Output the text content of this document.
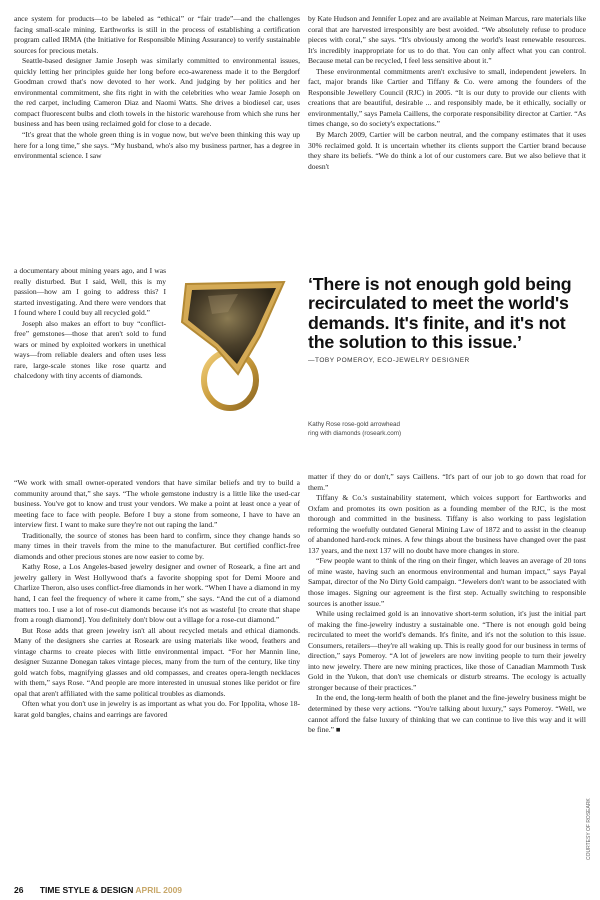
ance system for products—to be labeled as “ethical” or “fair trade”—and the challenges facing small-scale mining. Earthworks is still in the process of establishing a certification program called IRMA (the Initiative for Responsible Mining Assurance) to verify sustainable sources for precious metals.

Seattle-based designer Jamie Joseph was similarly committed to environmental issues, quickly letting her principles guide her long before eco-awareness made it to the Bergdorf Goodman crowd that's now devoted to her work. And judging by her politics and her environmental commitment, she fits right in with the celebrities who wear Jamie Joseph on the red carpet, including Cameron Diaz and Naomi Watts. She drives a biodiesel car, uses compact fluorescent bulbs and cloth towels in the historic warehouse from which she runs her business and has been using reclaimed gold for close to a decade.

“It's great that the whole green thing is in vogue now, but we've been thinking this way up here for a long time,” she says. “My husband, who's also my business partner, has a degree in environmental science. I saw

a documentary about mining years ago, and I was really disturbed. But I said, Well, this is my passion—how am I going to address this? I started investigating. And there were vendors that I found where I could buy all recycled gold.”

Joseph also makes an effort to buy “conflict-free” gemstones—those that aren't sold to fund wars or mined by exploited workers in unethical ways—from reliable dealers and often uses less rare, large-scale stones like rose quartz and chalcedony with tiny accents of diamonds.

Kathy Rose rose-gold arrowhead ring with diamonds (roseark.com)

“We work with small owner-operated vendors that have similar beliefs and try to build a community around that,” she says. “The whole gemstone industry is a little like the used-car business. You've got to know and trust your vendors. We make a point at least once a year of meeting face to face with people. Before I buy a stone from someone, I have to have an interview first. I want to make sure they're not out raping the land.”

Traditionally, the source of stones has been hard to confirm, since they change hands so many times in their travels from the mine to the manufacturer. But certified conflict-free diamonds and other precious stones are now easier to come by.

Kathy Rose, a Los Angeles-based jewelry designer and owner of Roseark, a fine art and jewelry gallery in West Hollywood that's a favorite shopping spot for Demi Moore and Charlize Theron, also uses conflict-free diamonds in her work. “When I have a diamond in my hand, I can feel the frequency of where it came from,” she says. “And the cut of a diamond matters too. I use a lot of rose-cut diamonds because it's not as wasteful [to create that shape from a rough diamond]. You definitely don't blow out a village for a rose-cut diamond.”

But Rose adds that green jewelry isn't all about recycled metals and ethical diamonds. Many of the designers she carries at Roseark are using materials like wood, feathers and vintage charms to create pieces with little environmental impact. “For her Mannin line, designer Suzanne Donegan takes vintage pieces, many from the turn of the century, like tiny gold watch fobs, magnifying glasses and old compasses, and creates opera-length necklaces with them,” says Rose. “And people are more interested in unusual stones like peridot or fire opal that aren't affiliated with the same political troubles as diamonds.

Often what you don't use in jewelry is as important as what you do. For Ippolita, whose 18-karat gold bangles, chains and earrings are favored

by Kate Hudson and Jennifer Lopez and are available at Neiman Marcus, rare materials like coral that are harvested irresponsibly are best avoided. “We absolutely refuse to produce pieces with coral,” she says. “It's obviously among the world's least renewable resources. It's incredibly inappropriate for us to do that. You can only affect what you can control. Because metal can be recycled, I feel less sensitive about it.”

These environmental commitments aren't exclusive to small, independent jewelers. In fact, major brands like Cartier and Tiffany & Co. were among the founders of the Responsible Jewellery Council (RJC) in 2005. “It is our duty to provide our clients with creations that are beautiful, desirable ... and responsibly made, be it ethically, socially or environmentally,” says Pamela Caillens, the corporate responsibility director at Cartier. “As times change, so do society's expectations.”

By March 2009, Cartier will be carbon neutral, and the company estimates that it uses 30% reclaimed gold. It is uncertain whether its clients support the Cartier brand because they share its beliefs. “We do think a lot of our customers care. But we also believe that it doesn't

‘There is not enough gold being recirculated to meet the world's demands. It's finite, and it's not the solution to this issue.’
—TOBY POMEROY, ECO-JEWELRY DESIGNER

matter if they do or don't,” says Caillens. “It's part of our job to go down that road for them.”

Tiffany & Co.'s sustainability statement, which voices support for Earthworks and Oxfam and promotes its own position as a founding member of the RJC, is the most thorough and committed in the business. Tiffany is also working to pass legislation reforming the woefully outdated General Mining Law of 1872 and to assist in the cleanup of abandoned hard-rock mines. A few things about the business have changed over the past 137 years, and the next 137 will no doubt have more changes in store.

“Few people want to think of the ring on their finger, which leaves an average of 20 tons of mine waste, having such an enormous environmental and human impact,” says Payal Sampat, director of the No Dirty Gold campaign. “Jewelers don't want to be associated with those images. Signing our agreement is the first step. Actually switching to responsible sources is another issue.”

While using reclaimed gold is an innovative short-term solution, it's just the initial part of making the fine-jewelry industry a sustainable one. “There is not enough gold being recirculated to meet the world's demands. It's finite, and it's not the solution to this issue. Consumers, retailers—they're all waking up. This is really good for our business in terms of direction,” says Pomeroy. “A lot of jewelers are now inviting people to turn their jewelry into new jewelry. There are new mining practices, like those of Canadian Mammoth Tusk Gold in the Yukon, that don't use chemicals or disturb streams. The ecology is actually stronger because of their practices.”

In the end, the long-term health of both the planet and the fine-jewelry business might be determined by these very actions. “You're talking about luxury,” says Pomeroy. “Well, we cannot afford the false luxury of thinking that we can continue to live this way and it will be fine.” ■

COURTESY OF ROSEARK
26 TIME STYLE & DESIGN APRIL 2009
